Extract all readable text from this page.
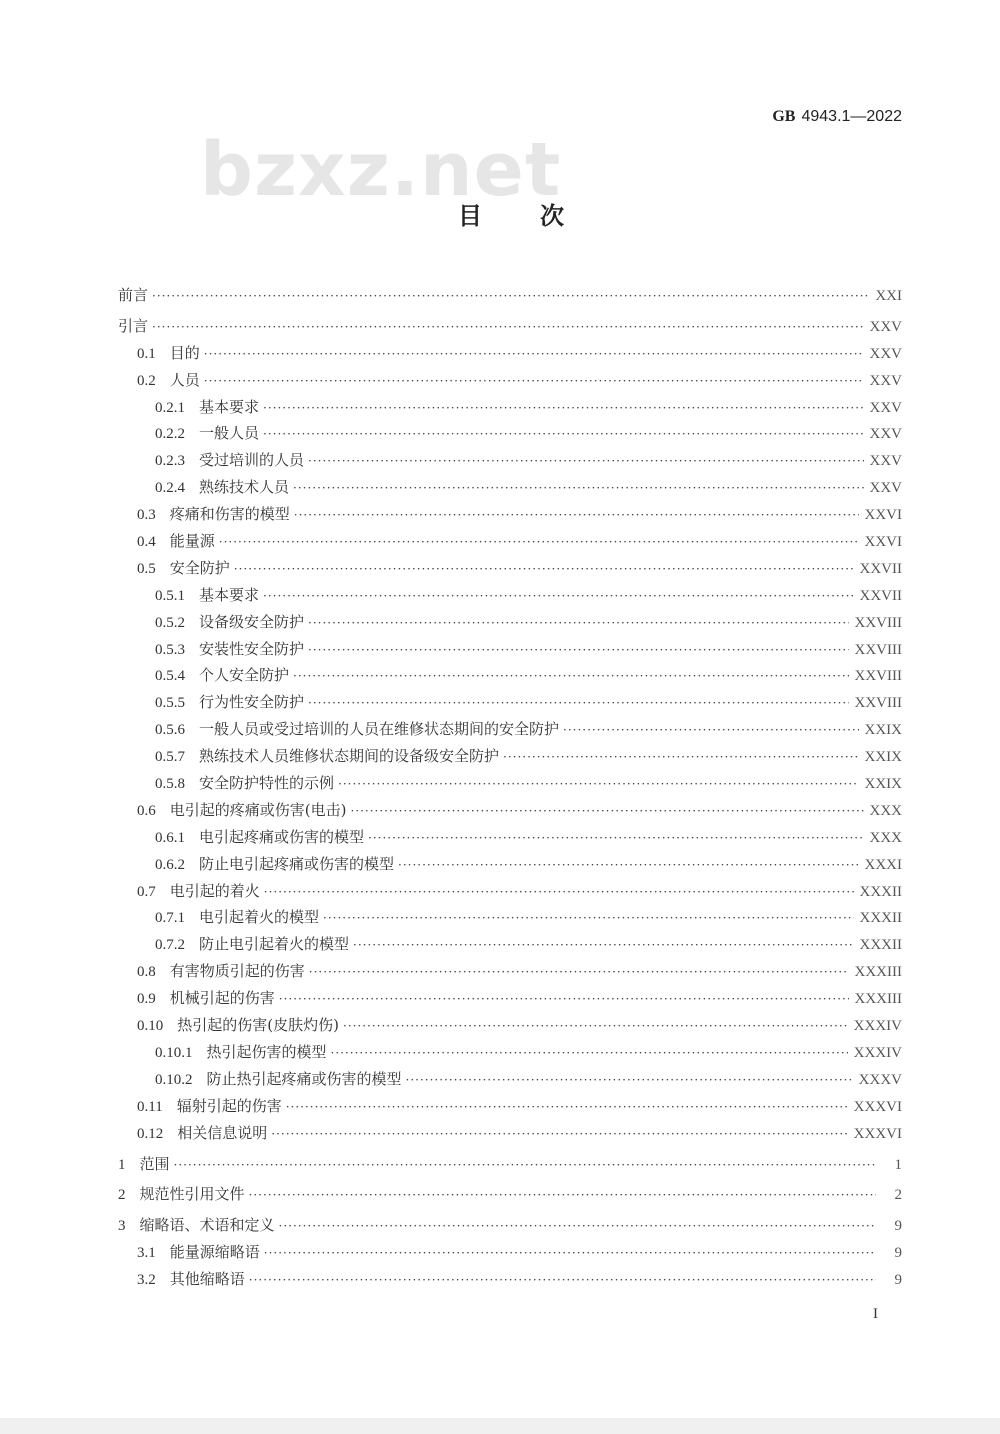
GB 4943.1—2022
bzxz.net
目次
前言 ·····	XXI
引言 ·····	XXV
0.1 目的 ·····	XXV
0.2 人员 ·····	XXV
0.2.1 基本要求 ·····	XXV
0.2.2 一般人员 ·····	XXV
0.2.3 受过培训的人员 ·····	XXV
0.2.4 熟练技术人员 ·····	XXV
0.3 疼痛和伤害的模型 ·····	XXVI
0.4 能量源 ·····	XXVI
0.5 安全防护 ·····	XXVII
0.5.1 基本要求 ·····	XXVII
0.5.2 设备级安全防护 ·····	XXVIII
0.5.3 安装性安全防护 ·····	XXVIII
0.5.4 个人安全防护 ·····	XXVIII
0.5.5 行为性安全防护 ·····	XXVIII
0.5.6 一般人员或受过培训的人员在维修状态期间的安全防护 ·····	XXIX
0.5.7 熟练技术人员维修状态期间的设备级安全防护 ·····	XXIX
0.5.8 安全防护特性的示例 ·····	XXIX
0.6 电引起的疼痛或伤害(电击) ·····	XXX
0.6.1 电引起疼痛或伤害的模型 ·····	XXX
0.6.2 防止电引起疼痛或伤害的模型 ·····	XXXI
0.7 电引起的着火 ·····	XXXII
0.7.1 电引起着火的模型 ·····	XXXII
0.7.2 防止电引起着火的模型 ·····	XXXII
0.8 有害物质引起的伤害 ·····	XXXIII
0.9 机械引起的伤害 ·····	XXXIII
0.10 热引起的伤害(皮肤灼伤) ·····	XXXIV
0.10.1 热引起伤害的模型 ·····	XXXIV
0.10.2 防止热引起疼痛或伤害的模型 ·····	XXXV
0.11 辐射引起的伤害 ·····	XXXVI
0.12 相关信息说明 ·····	XXXVI
1 范围 ·····	1
2 规范性引用文件 ·····	2
3 缩略语、术语和定义 ·····	9
3.1 能量源缩略语 ·····	9
3.2 其他缩略语 ·····	9
I
